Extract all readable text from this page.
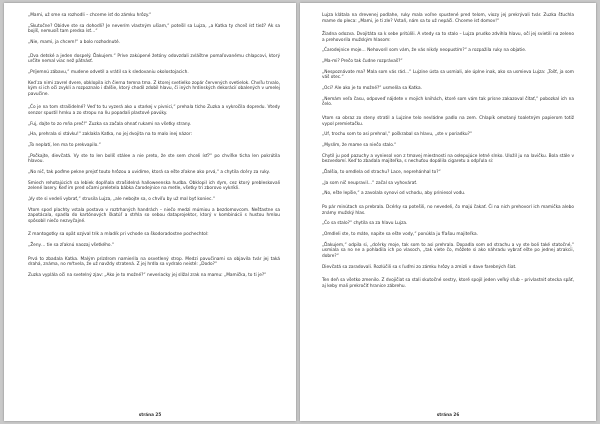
„Mami, už sme sa rozhodli – chceme ísť do zámku hrôzy.“

„Skutočne? Obidve ste sa dohodli? Je neverím vlastným ušiam,“ potešil sa Lujza, „a Katka ty chceš ísť tiež? Ak sa bojíš, nemusíš tam predsa ísť…“

„Nie, mami, ja chcem!“ a bolo rozhodnuté.

„Dva detské a jeden dospelý. Ďakujem.“ Príve zakúpené žetóny odovzdali zvláštne pomaľovanému chlapcovi, ktorý určite nemal viac než pätnásť.

„Príjemnú zábavu,“ mudene odvetil a vrátil sa k sledovaniu okolostojacich.

Keď za nimi zavrel dvere, obklopila ich čierna temna tma. Z ktorej svetielko zopár červených svetielok. Chvíľu trvalo, kým si ich oči zvykli a rozpoznalo i ďalšie, ktorý chodil zdobil hlavu, či iných hrdinských dekorácií obalených v umelej pavučine.

„Čo je na tom strašidelné? Veď to tu vyzerá ako u starkej v pivnici,“ prehala tícho Zuzka a vykročila dopredu. Vtedy senzor spustil hrnku a zo stropu na ňu popadali plastové pavúky.

„Fuj, dajte to zo mňa preč!“ Zuzka sa začala ohnať rukami na všetky strany.

„Ha, prehrala si stávku!“ zaklakla Katka, no jej dvojita na to malo inej názor:

„To neplatí, len ma to prekvapilo.“

„Počkajte, dievčatá. Vy ste to len bolíš stálee a nie preto, že ste sem chceli ísť?“ po chvíľke ticha len pokrútila hlavou.

„No nič, tak poďme pekne prejsť touto hrôzou a uvidíme, ktorá sa ešte zľakne ako prvá,“ a chytila dcéry za ruky.

Smiech rehotajúcich sa lebiek doplňala strašidelná halloweenska hudba. Obklopil ich dym, cez ktorý prebleskovali zelené lasery. Keď im pred očami preletela bábka čarodejnice na metle, všetky tri zborovo vykríkli.

„Vy ste si vedeli vybrať,“ strusila Lujza, „ale nebojte sa, o chvíľu by už mal byť koniec.“

Vtom spod plachty vstala postava v roztrhaných handrách – niečo medzi múmiou a bezdomovcom. Nešťastne sa zapotácala, spadla do kartónových škatúľ a strhla so sebou dataprojektor, ktorý v kombinácii s hustou hmlou spôsobil niečo nezvyčajné.

Z mantogotky sa opät ozýval trik a mladík pri vchode sa škodoradostne pochechtol:

„Ženy… tie sa zľaknú naozaj všetkého.“

Prvá to zbadala Katka. Malým prizdrom namierila na osvetlený strop. Medzi pavučinami sa objavila tvár jej taká drahá, známa, no mŕtvela, že už navždy stratená. Z jej hrdla sa vydralo neisté: „Dodo?“

Zuzka vyplála oči na svetelný zjav: „Ako je to možné?“ neveriacky jej slížal zrak na mamu: „Mamička, to ti je?“

strána 25

Lujza klátala na drevenej podlahe, ruky mala voľne spustené pred telom, viozy jej prekrývali tvár. Zuzka šťuchla mame do pleca: „Mami, je ti zle? Vstaň, nám sa to už nepáči. Chceme ísť domov!“

Žiadna odozva. Dvojitáta sa k sebe pritúlili. A vtedy sa to stalo – Lujza prudko zdvihla hlavu, očí jej svietili na zeleno a prehovorila mužským hlasom:

„Čarodejnice moje… Nehovoril som vám, že vás nikdy neopustím?“ a rozpažila ruky na objatie.

„Ma-mi? Prečo tak čudne rozprávaš?“

„Nespoznávate ma? Mala som vás rád…“ Lujzine ústa sa usmiali, ale úplne inak, ako sa usmieva Lujza: „Tošť, ja som váš otec.“

„Oci? Ale ako je to možné?“ usmelila sa Katka.

„Nemám veľa času, odpoveď nájdete v mojich knihách, ktoré som vám tak prísne zakazoval čítať,“ pobozkal ich na čelo.

Vtom sa obraz zo steny stratil a Lujzine telo nevládne padlo na zem. Chlapík omotaný toaletným papierom totiž vypol premietačku.

„Uf, trochu som to asi prehnal,“ poškrabal sa hlavu, „ste v poriadku?“

„Myslím, že mame sa niečo stalo.“

Chytil ju pod pazuchy a vyniesol von z tmavej miestnosti na osłepujúce letné slnko. Uložil ju na lavičku. Bola stále v bezvedomí. Keď to zbadala majiteľka, s nechuťou dopálila cigaretu a odpľula si:

„Ďalšia, to omdlela od strachu? Lace, neprehánhal to?“

„Ja som nič neupravil…“ začal sa vyhovárať.

„No, ešte lepšie,“ a zavolala synovi od vchodu, aby priniesol vodu.

Po pár minútach sa prebrala. Dcérky sa potešili, no nevedeli, čo majú čakať. Či na nich prehovorí ich mamička alebo známy mužský hlas.

„Čo sa stalo?“ chytila sa za hlavu Lujza.

„Omdleli ste, to máte, napite sa ešte vody,“ ponúkla ju fľašou majiteľka.

„Ďakujem,“ odpila si, „dcérky moje, tak som to asi prehrala. Dopadla som od strachu a vy ste boli také statočné,“ usmiala sa no ne a pohladila ich po vlasoch, „tak viete čo, môžete si ako náhradu vybrať ešte po jednej atrakcii, dobre?“

Dievčatá sa zaradovali. Rozlúčili sa s ľuďmi zo zámku hrôzy a zmizli v dave farebných šiat.

Ten deň sa všetko zmenilo. Z dvojičiat sa stali skutočné sestry, ktoré spojil jeden veľký sľub – privlastniť otecka späť, aj keby mali prekročiť hranice zábrehu.

strána 26
